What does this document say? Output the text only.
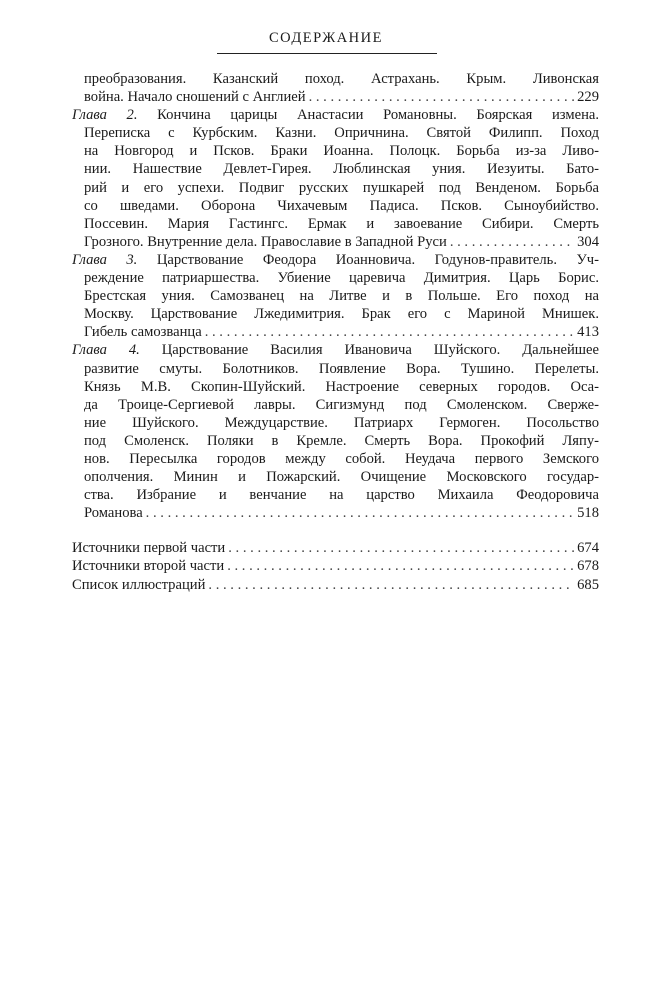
СОДЕРЖАНИЕ
преобразования. Казанский поход. Астрахань. Крым. Ливонская
война. Начало сношений с Англией . . .	229
Глава 2. Кончина царицы Анастасии Романовны. Боярская измена.
Переписка с Курбским. Казни. Опричнина. Святой Филипп. Поход
на Новгород и Псков. Браки Иоанна. Полоцк. Борьба из-за Ливо-
нии. Нашествие Девлет-Гирея. Люблинская уния. Иезуиты. Бато-
рий и его успехи. Подвиг русских пушкарей под Венденом. Борьба
со шведами. Оборона Чихачевым Падиса. Псков. Сыноубийство.
Поссевин. Мария Гастингс. Ермак и завоевание Сибири. Смерть
Грозного. Внутренние дела. Православие в Западной Руси . . .	304
Глава 3. Царствование Феодора Иоанновича. Годунов-правитель. Уч-
реждение патриаршества. Убиение царевича Димитрия. Царь Борис.
Брестская уния. Самозванец на Литве и в Польше. Его поход на
Москву. Царствование Лжедимитрия. Брак его с Мариной Мнишек.
Гибель самозванца . . .	413
Глава 4. Царствование Василия Ивановича Шуйского. Дальнейшее
развитие смуты. Болотников. Появление Вора. Тушино. Перелеты.
Князь М.В. Скопин-Шуйский. Настроение северных городов. Оса-
да Троице-Сергиевой лавры. Сигизмунд под Смоленском. Сверже-
ние Шуйского. Междуцарствие. Патриарх Гермоген. Посольство
под Смоленск. Поляки в Кремле. Смерть Вора. Прокофий Ляпу-
нов. Пересылка городов между собой. Неудача первого Земского
ополчения. Минин и Пожарский. Очищение Московского государ-
ства. Избрание и венчание на царство Михаила Феодоровича
Романова . . .	518
Источники первой части . . .	674
Источники второй части . . .	678
Список иллюстраций . . .	685
